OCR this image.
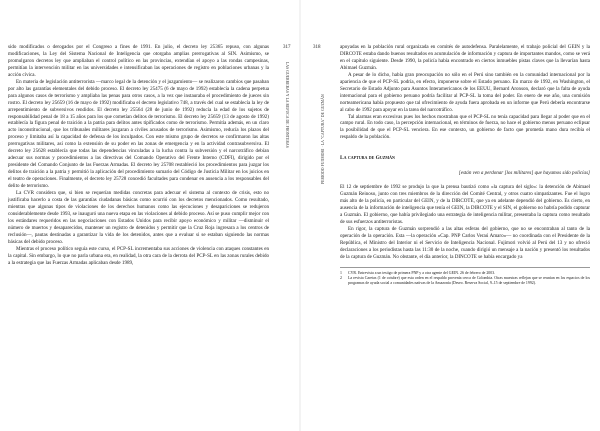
317
LAS GUERRERAS Y LA REFUCA DE FRONTERAS

sido modificados o derogados por el Congreso a fines de 1991. En julio, el decreto ley 25365 repuso, con algunas modificaciones, la Ley del Sistema Nacional de Inteligencia que otorgaba amplias prerrogativas al SIN. Asimismo, se promulgaron decretos ley que ampliaban el control político en las provincias, extendían el apoyo a las rondas campesinas, permitían la intervención militar en las universidades e intensificaban las operaciones de registro en poblaciones urbanas y la acción cívica.

En materia de legislación antiterrorista —marco legal de la detención y el juzgamiento— se realizaron cambios que pasaban por alto las garantías elementales del debido proceso. El decreto ley 25475 (6 de mayo de 1992) establecía la cadena perpetua para algunos casos de terrorismo y ampliaba las penas para otros casos, a la vez que instauraba el procedimiento de jueces sin rostro. El decreto ley 25659 (16 de mayo de 1992) modificaba el decreto legislativo 748, a través del cual se establecía la ley de arrepentimiento de subversivos rendidos. El decreto ley 25564 (28 de junio de 1992) reducía la edad de los sujetos de responsabilidad penal de 18 a 15 años para los que cometían delitos de terrorismo. El decreto ley 25659 (13 de agosto de 1992) establecía la figura penal de traición a la patria para delitos antes tipificados como de terrorismo. Permitía además, en un claro acto inconstitucional, que los tribunales militares juzgaran a civiles acusados de terrorismo. Asimismo, reducía los plazos del proceso y limitaba así la capacidad de defensa de los inculpados. Con este mismo grupo de decretos se confirmaron las altas prerrogativas militares, así como la extensión de su poder en las zonas de emergencia y en la actividad contrasubversiva. El decreto ley 25628 establecía que todas las dependencias vinculadas a la lucha contra la subversión y el narcotráfico debían adecuar sus normas y procedimientos a las directivas del Comando Operativo del Frente Interno (CDFI), dirigido por el presidente del Comando Conjunto de las Fuerzas Armadas. El decreto ley 25708 restableció los procedimientos para juzgar los delitos de traición a la patria y permitió la aplicación del procedimiento sumario del Código de Justicia Militar en los juicios en el teatro de operaciones. Finalmente, el decreto ley 25728 concedió facultades para condenar en ausencia a los responsables del delito de terrorismo.

La CVR considera que, si bien se requerían medidas concretas para adecuar el sistema al contexto de crisis, esto no justificaba hacerlo a costa de las garantías ciudadanas básicas como ocurrió con los decretos mencionados. Como resultado, mientras que algunas tipos de violaciones de los derechos humanos como las ejecuciones y desapariciones se redujeron considerablemente desde 1993, se inauguró una nueva etapa en las violaciones al debido proceso. Así se puso cumplir mejor con los estándares requeridos en las negociaciones con Estados Unidos para recibir apoyo económico y militar —disminuir el número de muertos y desaparecidos, mantener un registro de detenidos y permitir que la Cruz Roja ingresara a los centros de reclusión—, pautas destinadas a garantizar la vida de los detenidos, antes que a evaluar si se estaban siguiendo las normas básicas del debido proceso.

Mientras el proceso político seguía este curso, el PCP-SL incrementaba sus acciones de violencia con ataques constantes en la capital. Sin embargo, lo que no parla urbana era, en realidad, la otra cara de la derrota del PCP-SL en las zonas rurales debido a la estrategia que las Fuerzas Armadas aplicaban desde 1989,

318
PERIODO FUJIMORI · LA "CAPTURA" DE GUZMÁN

apoyadas en la población rural organizada en comités de autodefensa. Paralelamente, el trabajo policial del GEIN y la DIRCOTE estaba dando buenos resultados en acumulación de información y captura de importantes mandos, como se verá en el capítulo siguiente. Desde 1990, la policía había encontrado en ciertos inmuebles pistas claves que la llevarían hasta Abimael Guzmán.

A pesar de lo dicho, había gran preocupación no sólo en el Perú sino también en la comunidad internacional por la apariencia de que el PCP-SL podría, en efecto, imponerse sobre el Estado peruano. En marzo de 1992, en Washington, el Secretario de Estado Adjunto para Asuntos Interamericanos de los EEUU, Bernard Aronson, declaró que la falta de ayuda internacional para el gobierno peruano podría facilitar al PCP-SL la toma del poder. En enero de ese año, una comisión norteamericana había propuesto que tal ofrecimiento de ayuda fuera aprobada en un informe que Perú debería encontrarse al cabo de 1992 para apoyar en la tarea del narcotráfico.

Tal alarmas eran excesivas pues los hechos mostraban que el PCP-SL no tenía capacidad para llegar al poder que en el campo rural. En todo caso, la percepción internacional, en términos de fuerza, no hace el gobierno menos peruano eclipsar la posibilidad de que el PCP-SL venciera. En ese contexto, un gobierno de facto que prometía mano dura recibía el respaldo de la población.

La captura de Guzmán
[están ven a perdonar [los militares] que hayamos sido policías]

El 12 de septiembre de 1992 se produjo la que la prensa bautizó como «la captura del siglo»: la detención de Abimael Guzmán Reinoso, junto con tres miembros de la dirección del Comité Central, y otros cuatro simpatizantes. Fue el logro más alto de la policía, en particular del GEIN, y de la DIRCOTE, que ya en adelante dependió del gobierno. Es cierto, en ausencia de la información de inteligencia que tenía el GEIN, la DIRCOTE y el SIN, el gobierno no habría podido capturar a Guzmán. El gobierno, que había privilegiado una estrategia de inteligencia militar, presentaba la captura como resultado de sus esfuerzos antiterroristas.

En rigor, la captura de Guzmán sorprendió a las altas esferas del gobierno, que no se encontraban al tanto de la operación de la operación. Esta —la operación «Cap. PNP Carlos Veraú Amaro»— no coordinada con el Presidente de la República, el Ministro del Interior ni el Servicio de Inteligencia Nacional. Fujimori volvió al Perú del 13 y no ofreció declaraciones a los periodistas hasta las 11:30 de la noche, cuando dirigió un mensaje a la nación y presentó los resultados de la captura de Guzmán. No obstante, el día anterior, la DINCOTE se había encargado ya

1	CVR. Entrevista a un testigo de primera PNP y a otra agente del GEIN. 26 de febrero de 2003.
2	La revista Caretas (1 de octubre) que esta orden en el respaldo provenía cerca de Colombia. Otras muestras reflejan que se reunían en los espacios de los programas de ayuda social a comunidades nativas de la Amazonía (Deseo. Reserva Social, 9–15 de septiembre de 1992).
